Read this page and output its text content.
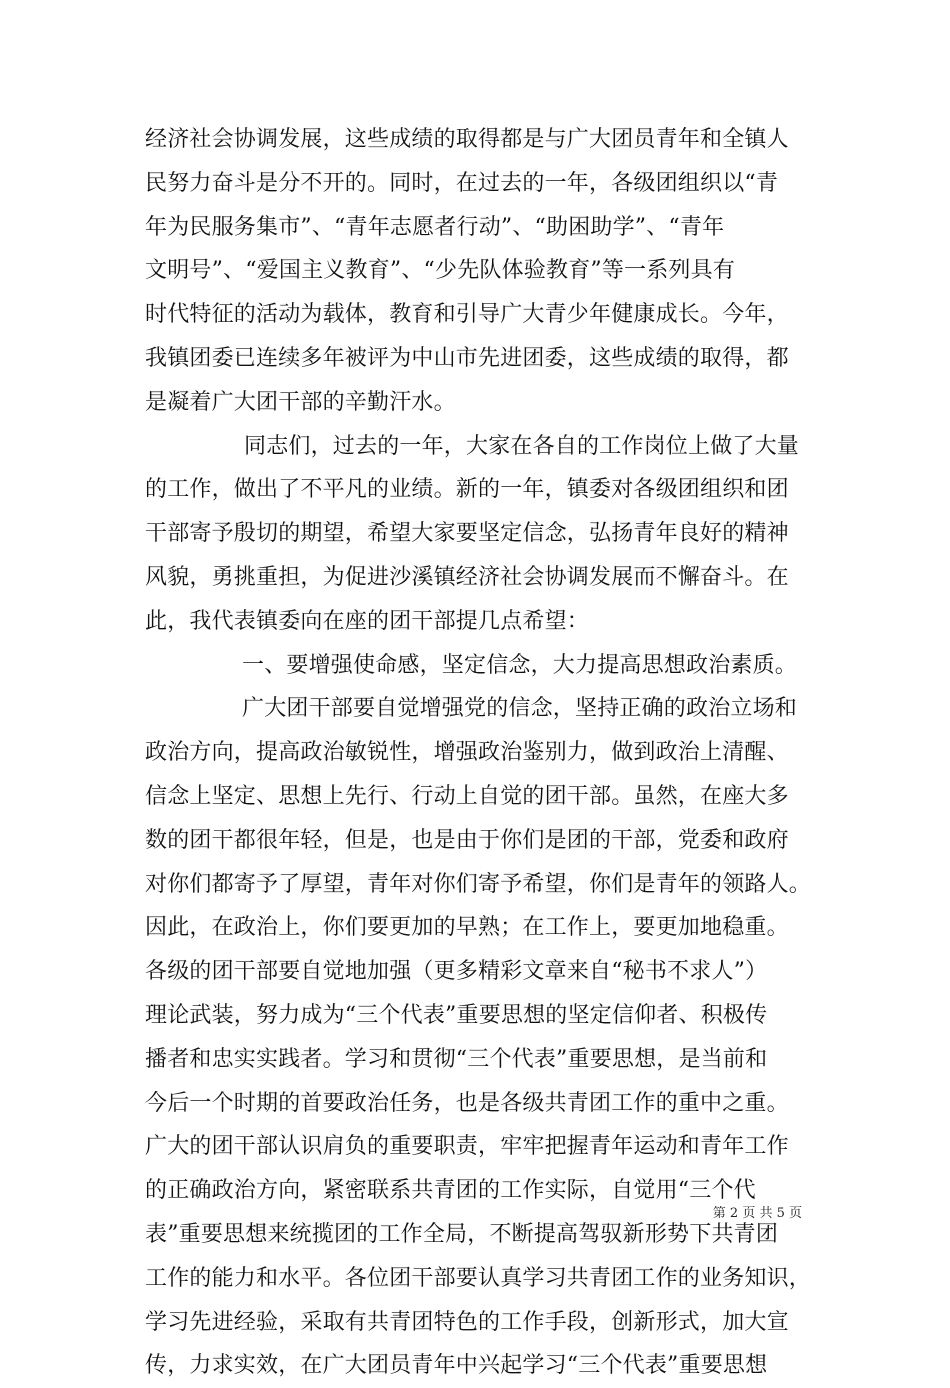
经济社会协调发展，这些成绩的取得都是与广大团员青年和全镇人
民努力奋斗是分不开的。同时，在过去的一年，各级团组织以“青
年为民服务集市”、“青年志愿者行动”、“助困助学”、“青年
文明号”、“爱国主义教育”、“少先队体验教育”等一系列具有
时代特征的活动为载体，教育和引导广大青少年健康成长。今年，
我镇团委已连续多年被评为中山市先进团委，这些成绩的取得，都
是凝着广大团干部的辛勤汗水。
同志们，过去的一年，大家在各自的工作岗位上做了大量
的工作，做出了不平凡的业绩。新的一年，镇委对各级团组织和团
干部寄予殷切的期望，希望大家要坚定信念，弘扬青年良好的精神
风貌，勇挑重担，为促进沙溪镇经济社会协调发展而不懈奋斗。在
此，我代表镇委向在座的团干部提几点希望：
一、要增强使命感，坚定信念，大力提高思想政治素质。
广大团干部要自觉增强党的信念，坚持正确的政治立场和
政治方向，提高政治敏锐性，增强政治鉴别力，做到政治上清醒、
信念上坚定、思想上先行、行动上自觉的团干部。虽然，在座大多
数的团干都很年轻，但是，也是由于你们是团的干部，党委和政府
对你们都寄予了厚望，青年对你们寄予希望，你们是青年的领路人。
因此，在政治上，你们要更加的早熟；在工作上，要更加地稳重。
各级的团干部要自觉地加强（更多精彩文章来自“秘书不求人”）
理论武装，努力成为“三个代表”重要思想的坚定信仰者、积极传
播者和忠实实践者。学习和贯彻“三个代表”重要思想，是当前和
今后一个时期的首要政治任务，也是各级共青团工作的重中之重。
广大的团干部认识肩负的重要职责，牢牢把握青年运动和青年工作
的正确政治方向，紧密联系共青团的工作实际，自觉用“三个代
表”重要思想来统揽团的工作全局，不断提高驾驭新形势下共青团
工作的能力和水平。各位团干部要认真学习共青团工作的业务知识，
学习先进经验，采取有共青团特色的工作手段，创新形式，加大宣
传，力求实效，在广大团员青年中兴起学习“三个代表”重要思想
第 2 页 共 5 页
